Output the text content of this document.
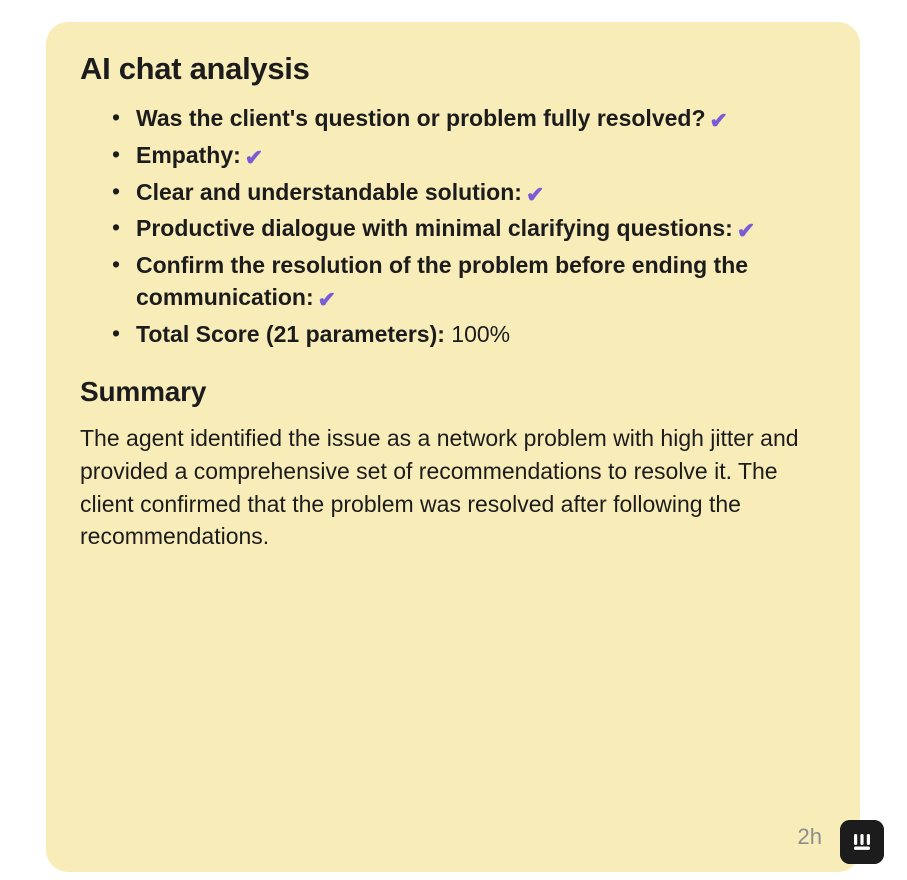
AI chat analysis
• Was the client's question or problem fully resolved? ✔
• Empathy: ✔
• Clear and understandable solution: ✔
• Productive dialogue with minimal clarifying questions: ✔
• Confirm the resolution of the problem before ending the communication: ✔
• Total Score (21 parameters): 100%
Summary

The agent identified the issue as a network problem with high jitter and provided a comprehensive set of recommendations to resolve it. The client confirmed that the problem was resolved after following the recommendations.

2h
